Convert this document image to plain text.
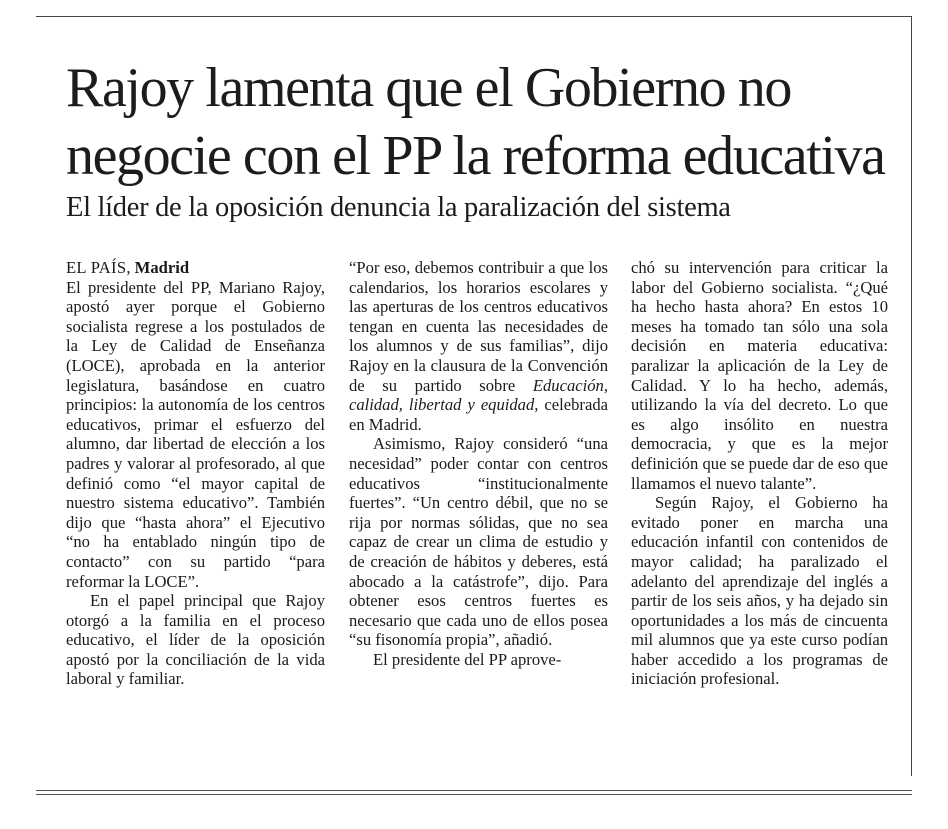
Rajoy lamenta que el Gobierno no negocie con el PP la reforma educativa
El líder de la oposición denuncia la paralización del sistema

EL PAÍS, Madrid

El presidente del PP, Mariano Rajoy, apostó ayer porque el Gobierno socialista regrese a los postulados de la Ley de Calidad de Enseñanza (LOCE), aprobada en la anterior legislatura, basándose en cuatro principios: la autonomía de los centros educativos, primar el esfuerzo del alumno, dar libertad de elección a los padres y valorar al profesorado, al que definió como “el mayor capital de nuestro sistema educativo”. También dijo que “hasta ahora” el Ejecutivo “no ha entablado ningún tipo de contacto” con su partido “para reformar la LOCE”.

En el papel principal que Rajoy otorgó a la familia en el proceso educativo, el líder de la oposición apostó por la conciliación de la vida laboral y familiar.

“Por eso, debemos contribuir a que los calendarios, los horarios escolares y las aperturas de los centros educativos tengan en cuenta las necesidades de los alumnos y de sus familias”, dijo Rajoy en la clausura de la Convención de su partido sobre Educación, calidad, libertad y equidad, celebrada en Madrid.

Asimismo, Rajoy consideró “una necesidad” poder contar con centros educativos “institucionalmente fuertes”. “Un centro débil, que no se rija por normas sólidas, que no sea capaz de crear un clima de estudio y de creación de hábitos y deberes, está abocado a la catástrofe”, dijo. Para obtener esos centros fuertes es necesario que cada uno de ellos posea “su fisonomía propia”, añadió.

El presidente del PP aprove-

chó su intervención para criticar la labor del Gobierno socialista. “¿Qué ha hecho hasta ahora? En estos 10 meses ha tomado tan sólo una sola decisión en materia educativa: paralizar la aplicación de la Ley de Calidad. Y lo ha hecho, además, utilizando la vía del decreto. Lo que es algo insólito en nuestra democracia, y que es la mejor definición que se puede dar de eso que llamamos el nuevo talante”.

Según Rajoy, el Gobierno ha evitado poner en marcha una educación infantil con contenidos de mayor calidad; ha paralizado el adelanto del aprendizaje del inglés a partir de los seis años, y ha dejado sin oportunidades a los más de cincuenta mil alumnos que ya este curso podían haber accedido a los programas de iniciación profesional.
